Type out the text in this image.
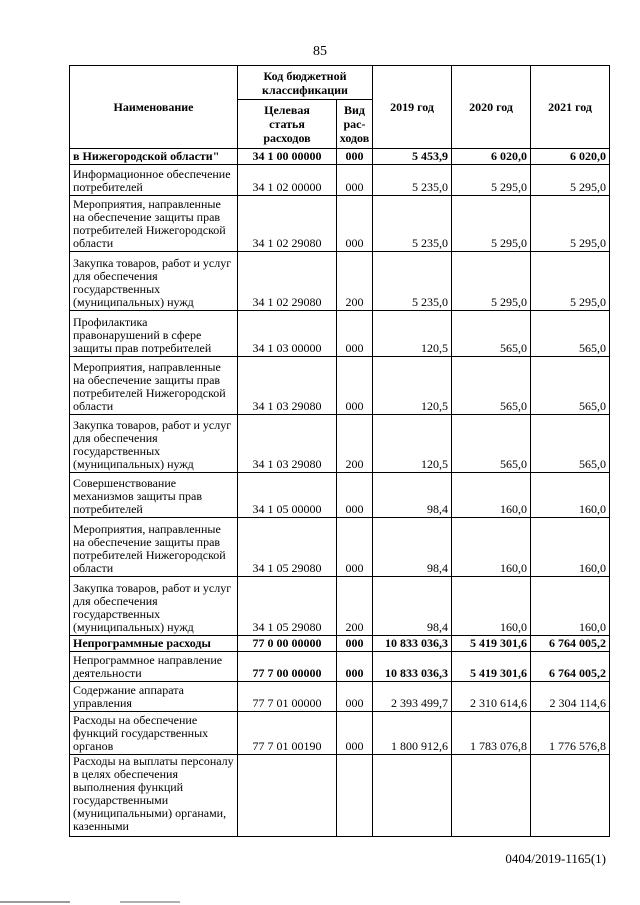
85
Наименование	Код бюджетной классификации		2019 год	2020 год	2021 год
	Целевая статья расходов	Вид рас-ходов			
в Нижегородской области"	34 1 00 00000	000	5 453,9	6 020,0	6 020,0
Информационное обеспечение потребителей	34 1 02 00000	000	5 235,0	5 295,0	5 295,0
Мероприятия, направленные на обеспечение защиты прав потребителей Нижегородской области	34 1 02 29080	000	5 235,0	5 295,0	5 295,0
Закупка товаров, работ и услуг для обеспечения государственных (муниципальных) нужд	34 1 02 29080	200	5 235,0	5 295,0	5 295,0
Профилактика правонарушений в сфере защиты прав потребителей	34 1 03 00000	000	120,5	565,0	565,0
Мероприятия, направленные на обеспечение защиты прав потребителей Нижегородской области	34 1 03 29080	000	120,5	565,0	565,0
Закупка товаров, работ и услуг для обеспечения государственных (муниципальных) нужд	34 1 03 29080	200	120,5	565,0	565,0
Совершенствование механизмов защиты прав потребителей	34 1 05 00000	000	98,4	160,0	160,0
Мероприятия, направленные на обеспечение защиты прав потребителей Нижегородской области	34 1 05 29080	000	98,4	160,0	160,0
Закупка товаров, работ и услуг для обеспечения государственных (муниципальных) нужд	34 1 05 29080	200	98,4	160,0	160,0
Непрограммные расходы	77 0 00 00000	000	10 833 036,3	5 419 301,6	6 764 005,2
Непрограммное направление деятельности	77 7 00 00000	000	10 833 036,3	5 419 301,6	6 764 005,2
Содержание аппарата управления	77 7 01 00000	000	2 393 499,7	2 310 614,6	2 304 114,6
Расходы на обеспечение функций государственных органов	77 7 01 00190	000	1 800 912,6	1 783 076,8	1 776 576,8
Расходы на выплаты персоналу в целях обеспечения выполнения функций государственными (муниципальными) органами, казенными					
0404/2019-1165(1)
